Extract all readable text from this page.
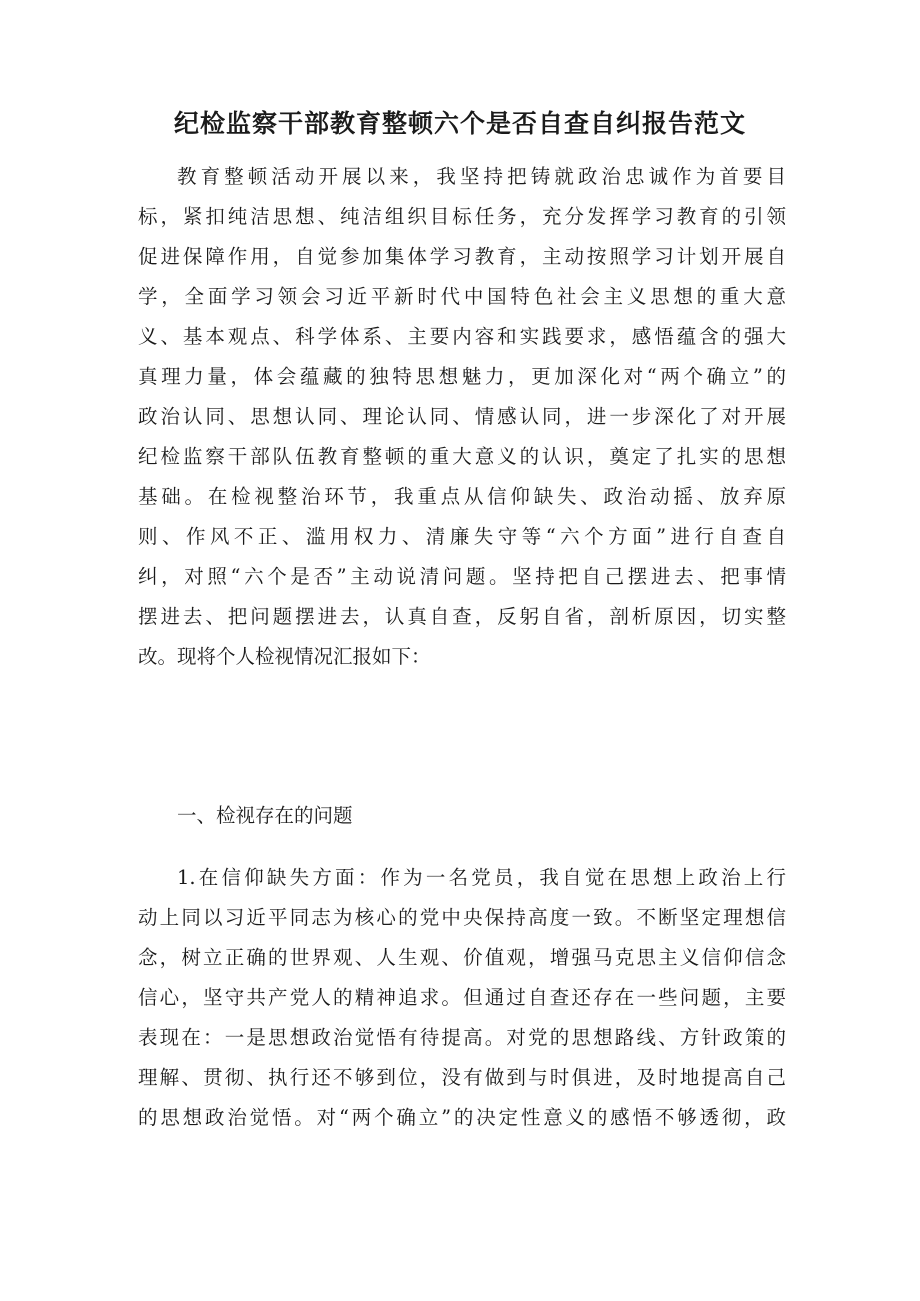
纪检监察干部教育整顿六个是否自查自纠报告范文
教育整顿活动开展以来，我坚持把铸就政治忠诚作为首要目
标，紧扣纯洁思想、纯洁组织目标任务，充分发挥学习教育的引领
促进保障作用，自觉参加集体学习教育，主动按照学习计划开展自
学，全面学习领会习近平新时代中国特色社会主义思想的重大意
义、基本观点、科学体系、主要内容和实践要求，感悟蕴含的强大
真理力量，体会蕴藏的独特思想魅力，更加深化对“两个确立”的
政治认同、思想认同、理论认同、情感认同，进一步深化了对开展
纪检监察干部队伍教育整顿的重大意义的认识，奠定了扎实的思想
基础。在检视整治环节，我重点从信仰缺失、政治动摇、放弃原
则、作风不正、滥用权力、清廉失守等“六个方面”进行自查自
纠，对照“六个是否”主动说清问题。坚持把自己摆进去、把事情
摆进去、把问题摆进去，认真自查，反躬自省，剖析原因，切实整
改。现将个人检视情况汇报如下：
一、检视存在的问题
1.在信仰缺失方面：作为一名党员，我自觉在思想上政治上行
动上同以习近平同志为核心的党中央保持高度一致。不断坚定理想信
念，树立正确的世界观、人生观、价值观，增强马克思主义信仰信念
信心，坚守共产党人的精神追求。但通过自查还存在一些问题，主要
表现在：一是思想政治觉悟有待提高。对党的思想路线、方针政策的
理解、贯彻、执行还不够到位，没有做到与时俱进，及时地提高自己
的思想政治觉悟。对“两个确立”的决定性意义的感悟不够透彻，政
